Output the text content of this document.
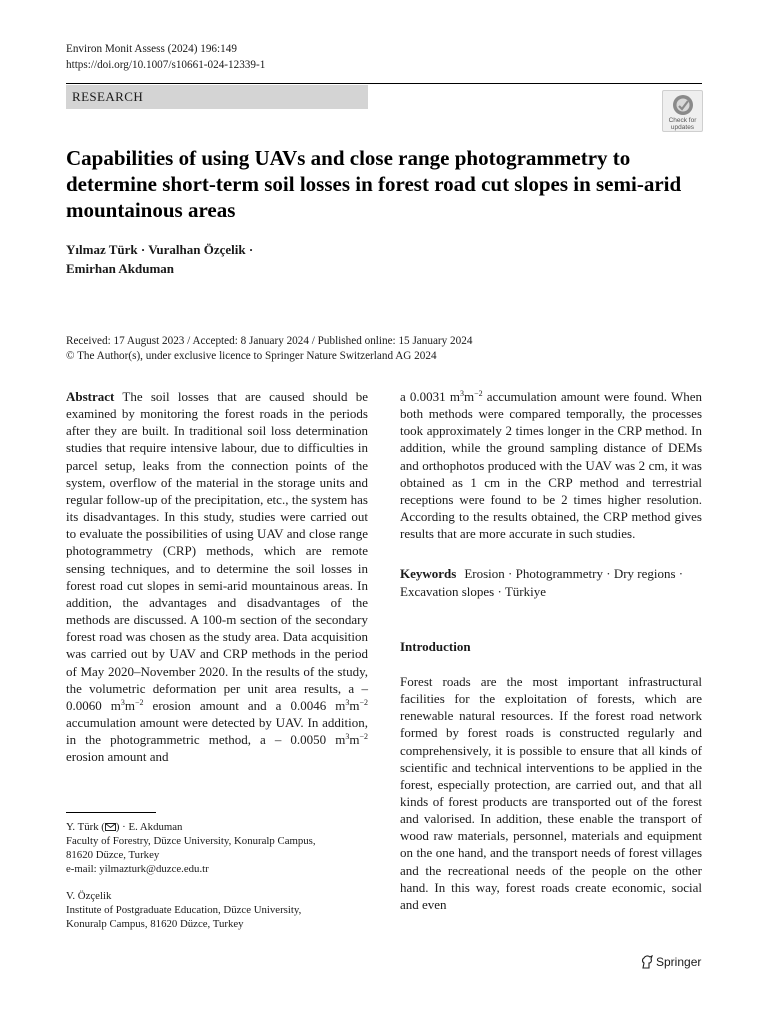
Environ Monit Assess (2024) 196:149
https://doi.org/10.1007/s10661-024-12339-1
RESEARCH
Check for
updates
Capabilities of using UAVs and close range photogrammetry to determine short-term soil losses in forest road cut slopes in semi-arid mountainous areas
Yılmaz Türk · Vuralhan Özçelik ·
Emirhan Akduman
Received: 17 August 2023 / Accepted: 8 January 2024 / Published online: 15 January 2024
© The Author(s), under exclusive licence to Springer Nature Switzerland AG 2024

Abstract The soil losses that are caused should be examined by monitoring the forest roads in the periods after they are built. In traditional soil loss determination studies that require intensive labour, due to difficulties in parcel setup, leaks from the connection points of the system, overflow of the material in the storage units and regular follow-up of the precipitation, etc., the system has its disadvantages. In this study, studies were carried out to evaluate the possibilities of using UAV and close range photogrammetry (CRP) methods, which are remote sensing techniques, and to determine the soil losses in forest road cut slopes in semi-arid mountainous areas. In addition, the advantages and disadvantages of the methods are discussed. A 100-m section of the secondary forest road was chosen as the study area. Data acquisition was carried out by UAV and CRP methods in the period of May 2020–November 2020. In the results of the study, the volumetric deformation per unit area results, a – 0.0060 $m^3m^{-2}$ erosion amount and a 0.0046 $m^3m^{-2}$ accumulation amount were detected by UAV. In addition, in the photogrammetric method, a – 0.0050 $m^3m^{-2}$ erosion amount and

a 0.0031 $m^3m^{-2}$ accumulation amount were found. When both methods were compared temporally, the processes took approximately 2 times longer in the CRP method. In addition, while the ground sampling distance of DEMs and orthophotos produced with the UAV was 2 cm, it was obtained as 1 cm in the CRP method and terrestrial receptions were found to be 2 times higher resolution. According to the results obtained, the CRP method gives results that are more accurate in such studies.

Keywords Erosion · Photogrammetry · Dry regions · Excavation slopes · Türkiye

Introduction

Forest roads are the most important infrastructural facilities for the exploitation of forests, which are renewable natural resources. If the forest road network formed by forest roads is constructed regularly and comprehensively, it is possible to ensure that all kinds of scientific and technical interventions to be applied in the forest, especially protection, are carried out, and that all kinds of forest products are transported out of the forest and valorised. In addition, these enable the transport of wood raw materials, personnel, materials and equipment on the one hand, and the transport needs of forest villages and the recreational needs of the people on the other hand. In this way, forest roads create economic, social and even

Y. Türk ( ) · E. Akduman
Faculty of Forestry, Düzce University, Konuralp Campus,
81620 Düzce, Turkey
e-mail: yilmazturk@duzce.edu.tr
V. Özçelik
Institute of Postgraduate Education, Düzce University,
Konuralp Campus, 81620 Düzce, Turkey
Springer
